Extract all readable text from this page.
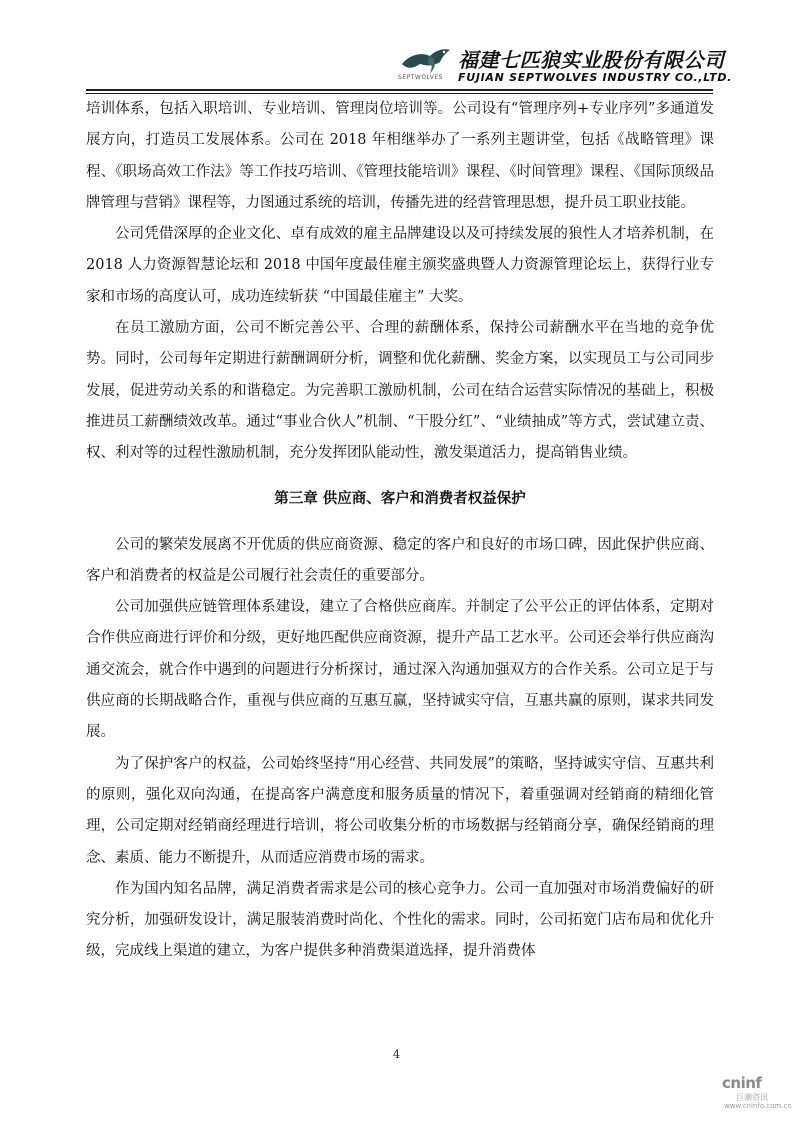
SEPTWOLVES
福建七匹狼实业股份有限公司
FUJIAN SEPTWOLVES INDUSTRY CO.,LTD.

培训体系，包括入职培训、专业培训、管理岗位培训等。公司设有“管理序列+专业序列”多通道发展方向，打造员工发展体系。公司在 2018 年相继举办了一系列主题讲堂，包括《战略管理》课程、《职场高效工作法》等工作技巧培训、《管理技能培训》课程、《时间管理》课程、《国际顶级品牌管理与营销》课程等，力图通过系统的培训，传播先进的经营管理思想，提升员工职业技能。

公司凭借深厚的企业文化、卓有成效的雇主品牌建设以及可持续发展的狼性人才培养机制，在 2018 人力资源智慧论坛和 2018 中国年度最佳雇主颁奖盛典暨人力资源管理论坛上，获得行业专家和市场的高度认可，成功连续斩获 “中国最佳雇主” 大奖。

在员工激励方面，公司不断完善公平、合理的薪酬体系，保持公司薪酬水平在当地的竞争优势。同时，公司每年定期进行薪酬调研分析，调整和优化薪酬、奖金方案，以实现员工与公司同步发展，促进劳动关系的和谐稳定。为完善职工激励机制，公司在结合运营实际情况的基础上，积极推进员工薪酬绩效改革。通过“事业合伙人”机制、“干股分红”、“业绩抽成”等方式，尝试建立责、权、利对等的过程性激励机制，充分发挥团队能动性，激发渠道活力，提高销售业绩。

第三章 供应商、客户和消费者权益保护

公司的繁荣发展离不开优质的供应商资源、稳定的客户和良好的市场口碑，因此保护供应商、客户和消费者的权益是公司履行社会责任的重要部分。

公司加强供应链管理体系建设，建立了合格供应商库。并制定了公平公正的评估体系，定期对合作供应商进行评价和分级，更好地匹配供应商资源，提升产品工艺水平。公司还会举行供应商沟通交流会，就合作中遇到的问题进行分析探讨，通过深入沟通加强双方的合作关系。公司立足于与供应商的长期战略合作，重视与供应商的互惠互赢，坚持诚实守信，互惠共赢的原则，谋求共同发展。

为了保护客户的权益，公司始终坚持“用心经营、共同发展”的策略，坚持诚实守信、互惠共利的原则，强化双向沟通，在提高客户满意度和服务质量的情况下，着重强调对经销商的精细化管理，公司定期对经销商经理进行培训，将公司收集分析的市场数据与经销商分享，确保经销商的理念、素质、能力不断提升，从而适应消费市场的需求。

作为国内知名品牌，满足消费者需求是公司的核心竞争力。公司一直加强对市场消费偏好的研究分析，加强研发设计，满足服装消费时尚化、个性化的需求。同时，公司拓宽门店布局和优化升级，完成线上渠道的建立，为客户提供多种消费渠道选择，提升消费体

4
cninf
巨潮资讯
www.cninfo.com.cn
